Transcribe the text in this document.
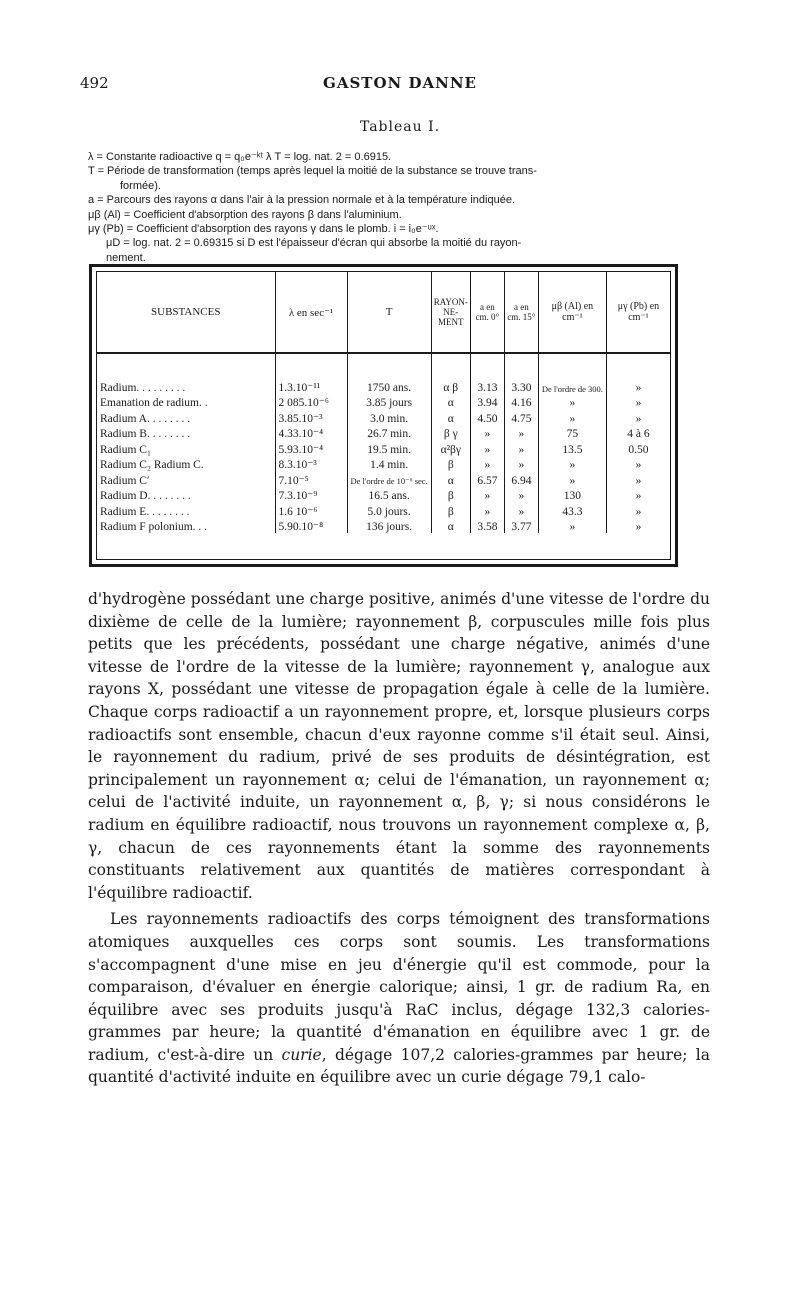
492	GASTON DANNE
Tableau I.
λ = Constante radioactive q = q₀e⁻ᵏᵗ λ T = log. nat. 2 = 0.6915.
T = Période de transformation (temps après lequel la moitié de la substance se trouve trans-
formée).
a = Parcours des rayons α dans l'air à la pression normale et à la température indiquée.
μβ (Al) = Coefficient d'absorption des rayons β dans l'aluminium.
μγ (Pb) = Coefficient d'absorption des rayons γ dans le plomb. i = i₀e⁻ᵘˣ.
μD = log. nat. 2 = 0.69315 si D est l'épaisseur d'écran qui absorbe la moitié du rayon-
nement.
SUBSTANCES	λ en sec⁻¹	T	RAYON-NE-MENT	a en cm. 0°	a en cm. 15°	μβ (Al) en cm⁻¹	μγ (Pb) en cm⁻¹
Radium. . . . . . . . .	1.3.10⁻¹¹	1750 ans.	α β	3.13	3.30	De l'ordre de 300.	»
Emanation de radium. .	2 085.10⁻⁶	3.85 jours	α	3.94	4.16	»	»
Radium A. . . . . . . .	3.85.10⁻³	3.0 min.	α	4.50	4.75	»	»
Radium B. . . . . . . .	4.33.10⁻⁴	26.7 min.	β γ	»	»	75	4 à 6
Radium C₁	5.93.10⁻⁴	19.5 min.	α²βγ	»	»	13.5	0.50
Radium C₂ Radium C.	8.3.10⁻³	1.4 min.	β	»	»	»	»
Radium C′	7.10⁻⁵	De l'ordre de 10⁻⁶ sec.	α	6.57	6.94	»	»
Radium D. . . . . . . .	7.3.10⁻⁹	16.5 ans.	β	»	»	130	»
Radium E. . . . . . . .	1.6 10⁻⁶	5.0 jours.	β	»	»	43.3	»
Radium F polonium. . .	5.90.10⁻⁸	136 jours.	α	3.58	3.77	»	»

d'hydrogène possédant une charge positive, animés d'une vitesse de l'ordre du dixième de celle de la lumière; rayonnement β, corpuscules mille fois plus petits que les précédents, possédant une charge négative, animés d'une vitesse de l'ordre de la vitesse de la lumière; rayonnement γ, analogue aux rayons X, possédant une vitesse de propagation égale à celle de la lumière. Chaque corps radioactif a un rayonnement propre, et, lorsque plusieurs corps radioactifs sont ensemble, chacun d'eux rayonne comme s'il était seul. Ainsi, le rayonnement du radium, privé de ses produits de désintégration, est principalement un rayonnement α; celui de l'émanation, un rayonnement α; celui de l'activité induite, un rayonnement α, β, γ; si nous considérons le radium en équilibre radioactif, nous trouvons un rayonnement complexe α, β, γ, chacun de ces rayonnements étant la somme des rayonnements constituants relativement aux quantités de matières correspondant à l'équilibre radioactif.

Les rayonnements radioactifs des corps témoignent des transformations atomiques auxquelles ces corps sont soumis. Les transformations s'accompagnent d'une mise en jeu d'énergie qu'il est commode, pour la comparaison, d'évaluer en énergie calorique; ainsi, 1 gr. de radium Ra, en équilibre avec ses produits jusqu'à RaC inclus, dégage 132,3 calories-grammes par heure; la quantité d'émanation en équilibre avec 1 gr. de radium, c'est-à-dire un curie, dégage 107,2 calories-grammes par heure; la quantité d'activité induite en équilibre avec un curie dégage 79,1 calo-
